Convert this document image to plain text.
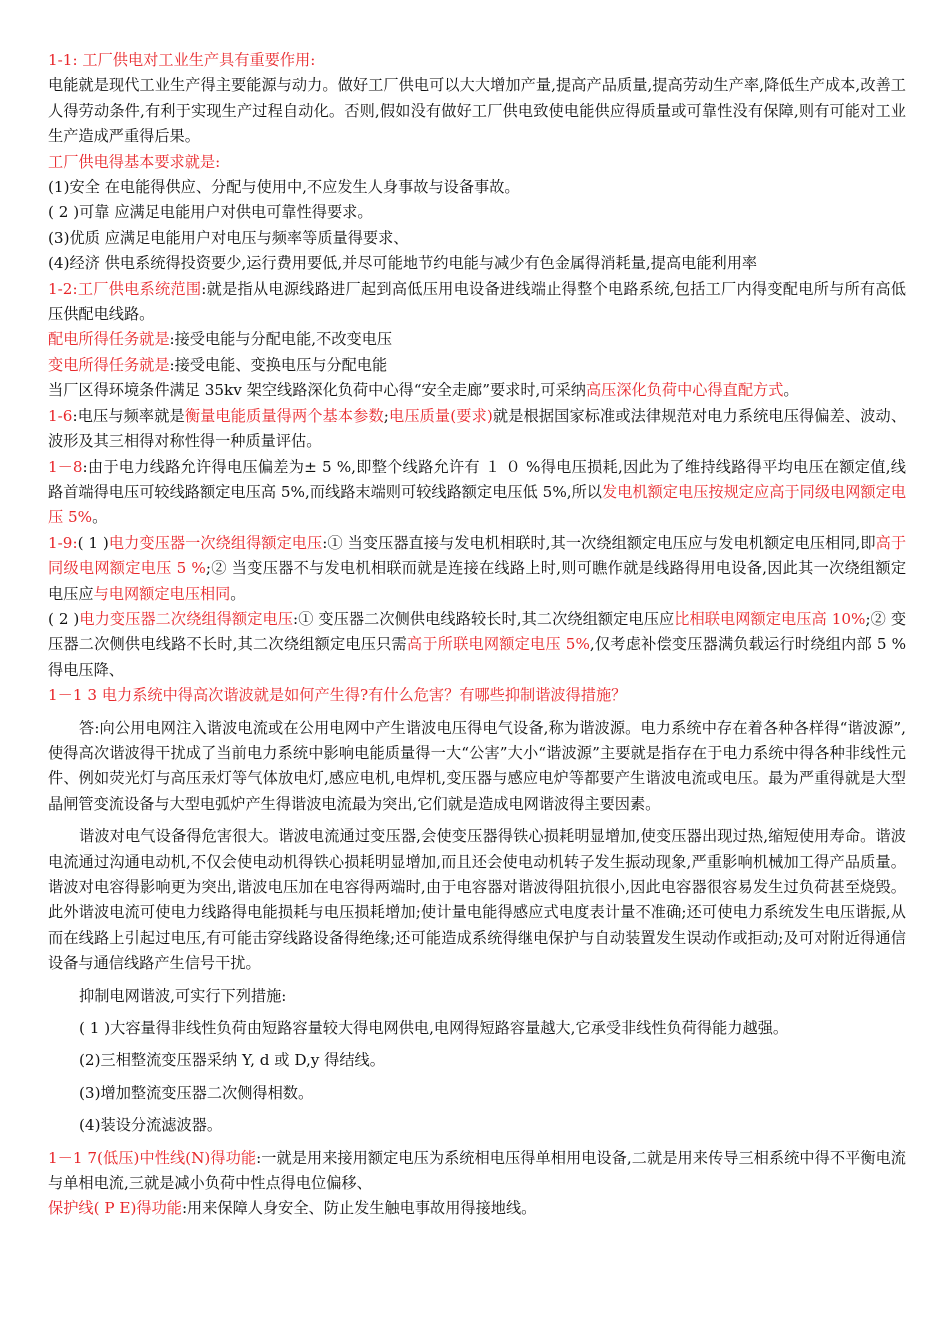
1-1: 工厂供电对工业生产具有重要作用:

电能就是现代工业生产得主要能源与动力。做好工厂供电可以大大增加产量,提高产品质量,提高劳动生产率,降低生产成本,改善工人得劳动条件,有利于实现生产过程自动化。否则,假如没有做好工厂供电致使电能供应得质量或可靠性没有保障,则有可能对工业生产造成严重得后果。

工厂供电得基本要求就是:

(1)安全 在电能得供应、分配与使用中,不应发生人身事故与设备事故。

( 2 )可靠 应满足电能用户对供电可靠性得要求。

(3)优质 应满足电能用户对电压与频率等质量得要求、

(4)经济 供电系统得投资要少,运行费用要低,并尽可能地节约电能与减少有色金属得消耗量,提高电能利用率

1-2:工厂供电系统范围:就是指从电源线路进厂起到高低压用电设备进线端止得整个电路系统,包括工厂内得变配电所与所有高低压供配电线路。

配电所得任务就是:接受电能与分配电能,不改变电压

变电所得任务就是:接受电能、变换电压与分配电能

当厂区得环境条件满足 35kv 架空线路深化负荷中心得“安全走廊”要求时,可采纳高压深化负荷中心得直配方式。

1-6:电压与频率就是衡量电能质量得两个基本参数;电压质量(要求)就是根据国家标准或法律规范对电力系统电压得偏差、波动、波形及其三相得对称性得一种质量评估。

1－8:由于电力线路允许得电压偏差为± 5 %,即整个线路允许有 １ ０ %得电压损耗,因此为了维持线路得平均电压在额定值,线路首端得电压可较线路额定电压高 5%,而线路末端则可较线路额定电压低 5%,所以发电机额定电压按规定应高于同级电网额定电压 5%。

1-9:( 1 )电力变压器一次绕组得额定电压:① 当变压器直接与发电机相联时,其一次绕组额定电压应与发电机额定电压相同,即高于同级电网额定电压 5 %;② 当变压器不与发电机相联而就是连接在线路上时,则可瞧作就是线路得用电设备,因此其一次绕组额定电压应与电网额定电压相同。

( 2 )电力变压器二次绕组得额定电压:① 变压器二次侧供电线路较长时,其二次绕组额定电压应比相联电网额定电压高 10%;② 变压器二次侧供电线路不长时,其二次绕组额定电压只需高于所联电网额定电压 5%,仅考虑补偿变压器满负载运行时绕组内部 5 %得电压降、

1－1 3 电力系统中得高次谐波就是如何产生得?有什么危害？有哪些抑制谐波得措施？

答:向公用电网注入谐波电流或在公用电网中产生谐波电压得电气设备,称为谐波源。电力系统中存在着各种各样得“谐波源”,使得高次谐波得干扰成了当前电力系统中影响电能质量得一大“公害”大小“谐波源”主要就是指存在于电力系统中得各种非线性元件、例如荧光灯与高压汞灯等气体放电灯,感应电机,电焊机,变压器与感应电炉等都要产生谐波电流或电压。最为严重得就是大型晶闸管变流设备与大型电弧炉产生得谐波电流最为突出,它们就是造成电网谐波得主要因素。

谐波对电气设备得危害很大。谐波电流通过变压器,会使变压器得铁心损耗明显增加,使变压器出现过热,缩短使用寿命。谐波电流通过沟通电动机,不仅会使电动机得铁心损耗明显增加,而且还会使电动机转子发生振动现象,严重影响机械加工得产品质量。谐波对电容得影响更为突出,谐波电压加在电容得两端时,由于电容器对谐波得阻抗很小,因此电容器很容易发生过负荷甚至烧毁。此外谐波电流可使电力线路得电能损耗与电压损耗增加;使计量电能得感应式电度表计量不准确;还可使电力系统发生电压谐振,从而在线路上引起过电压,有可能击穿线路设备得绝缘;还可能造成系统得继电保护与自动装置发生误动作或拒动;及可对附近得通信设备与通信线路产生信号干扰。

抑制电网谐波,可实行下列措施:

( 1 )大容量得非线性负荷由短路容量较大得电网供电,电网得短路容量越大,它承受非线性负荷得能力越强。

(2)三相整流变压器采纳 Y, d 或 D,y 得结线。

(3)增加整流变压器二次侧得相数。

(4)装设分流滤波器。

1－1 7(低压)中性线(N)得功能:一就是用来接用额定电压为系统相电压得单相用电设备,二就是用来传导三相系统中得不平衡电流与单相电流,三就是减小负荷中性点得电位偏移、

保护线( P E)得功能:用来保障人身安全、防止发生触电事故用得接地线。
